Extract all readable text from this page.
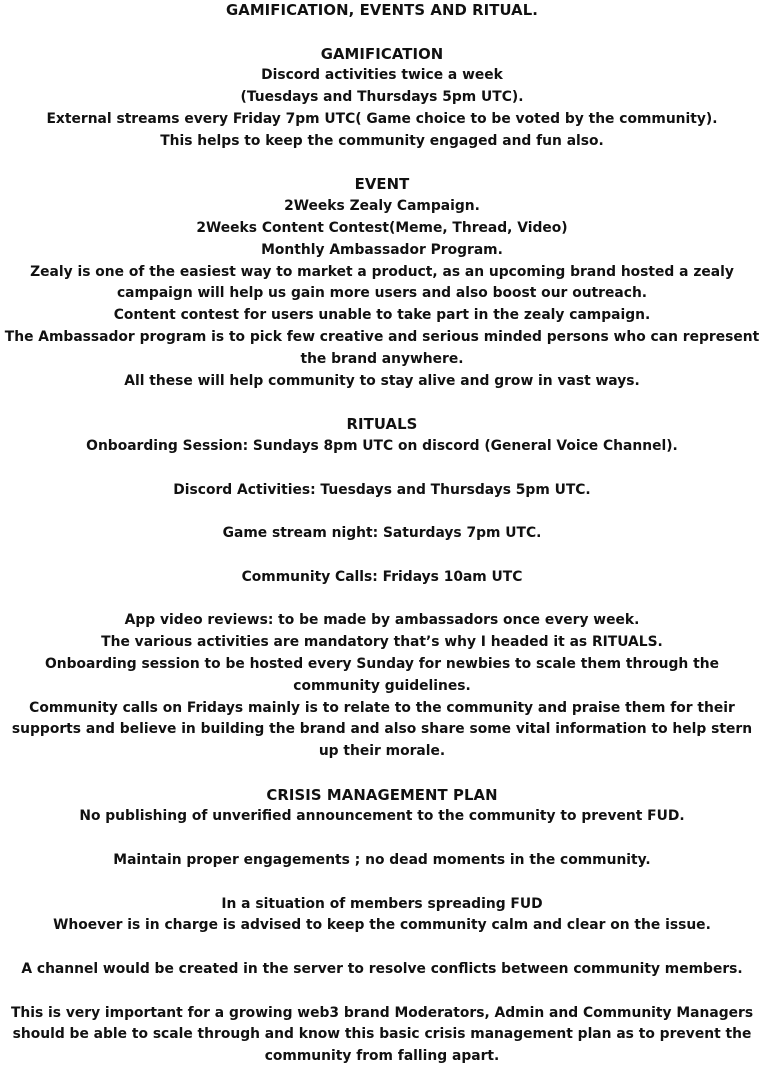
GAMIFICATION, EVENTS AND RITUAL.
GAMIFICATION
Discord activities twice a week
(Tuesdays and Thursdays 5pm UTC).
External streams every Friday 7pm UTC( Game choice to be voted by the community).
This helps to keep the community engaged and fun also.
EVENT
2Weeks Zealy Campaign.
2Weeks Content Contest(Meme, Thread, Video)
Monthly Ambassador Program.
Zealy is one of the easiest way to market a product, as an upcoming brand hosted a zealy
campaign will help us gain more users and also boost our outreach.
Content contest for users unable to take part in the zealy campaign.
The Ambassador program is to pick few creative and serious minded persons who can represent
the brand anywhere.
All these will help community to stay alive and grow in vast ways.
RITUALS
Onboarding Session: Sundays 8pm UTC on discord (General Voice Channel).
Discord Activities: Tuesdays and Thursdays 5pm UTC.
Game stream night: Saturdays 7pm UTC.
Community Calls: Fridays 10am UTC
App video reviews: to be made by ambassadors once every week.
The various activities are mandatory that’s why I headed it as RITUALS.
Onboarding session to be hosted every Sunday for newbies to scale them through the
community guidelines.
Community calls on Fridays mainly is to relate to the community and praise them for their
supports and believe in building the brand and also share some vital information to help stern
up their morale.
CRISIS MANAGEMENT PLAN
No publishing of unverified announcement to the community to prevent FUD.
Maintain proper engagements ; no dead moments in the community.
In a situation of members spreading FUD
Whoever is in charge is advised to keep the community calm and clear on the issue.
A channel would be created in the server to resolve conflicts between community members.
This is very important for a growing web3 brand Moderators, Admin and Community Managers
should be able to scale through and know this basic crisis management plan as to prevent the
community from falling apart.
